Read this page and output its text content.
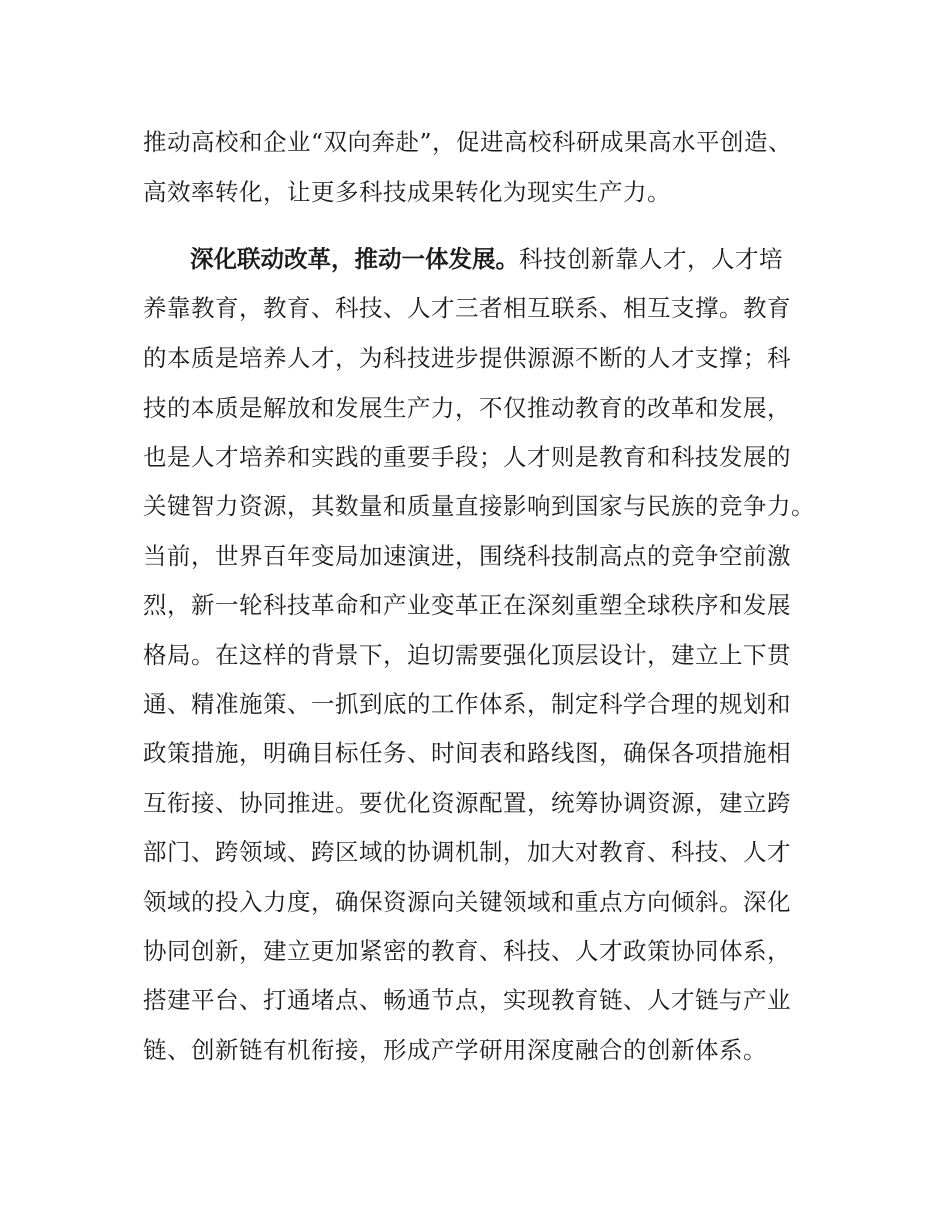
推动高校和企业“双向奔赴”，促进高校科研成果高水平创造、
高效率转化，让更多科技成果转化为现实生产力。
深化联动改革，推动一体发展。科技创新靠人才，人才培
养靠教育，教育、科技、人才三者相互联系、相互支撑。教育
的本质是培养人才，为科技进步提供源源不断的人才支撑；科
技的本质是解放和发展生产力，不仅推动教育的改革和发展，
也是人才培养和实践的重要手段；人才则是教育和科技发展的
关键智力资源，其数量和质量直接影响到国家与民族的竞争力。
当前，世界百年变局加速演进，围绕科技制高点的竞争空前激
烈，新一轮科技革命和产业变革正在深刻重塑全球秩序和发展
格局。在这样的背景下，迫切需要强化顶层设计，建立上下贯
通、精准施策、一抓到底的工作体系，制定科学合理的规划和
政策措施，明确目标任务、时间表和路线图，确保各项措施相
互衔接、协同推进。要优化资源配置，统筹协调资源，建立跨
部门、跨领域、跨区域的协调机制，加大对教育、科技、人才
领域的投入力度，确保资源向关键领域和重点方向倾斜。深化
协同创新，建立更加紧密的教育、科技、人才政策协同体系，
搭建平台、打通堵点、畅通节点，实现教育链、人才链与产业
链、创新链有机衔接，形成产学研用深度融合的创新体系。
